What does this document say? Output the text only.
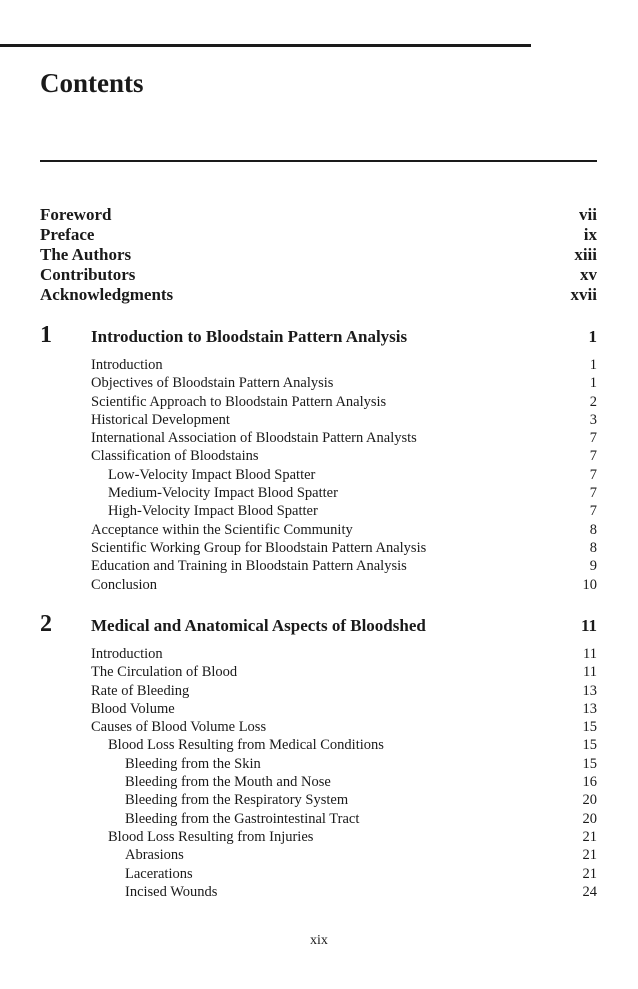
Contents
Foreword	vii
Preface	ix
The Authors	xiii
Contributors	xv
Acknowledgments	xvii
1	Introduction to Bloodstain Pattern Analysis	1
Introduction	1
Objectives of Bloodstain Pattern Analysis	1
Scientific Approach to Bloodstain Pattern Analysis	2
Historical Development	3
International Association of Bloodstain Pattern Analysts	7
Classification of Bloodstains	7
Low-Velocity Impact Blood Spatter	7
Medium-Velocity Impact Blood Spatter	7
High-Velocity Impact Blood Spatter	7
Acceptance within the Scientific Community	8
Scientific Working Group for Bloodstain Pattern Analysis	8
Education and Training in Bloodstain Pattern Analysis	9
Conclusion	10
2	Medical and Anatomical Aspects of Bloodshed	11
Introduction	11
The Circulation of Blood	11
Rate of Bleeding	13
Blood Volume	13
Causes of Blood Volume Loss	15
Blood Loss Resulting from Medical Conditions	15
Bleeding from the Skin	15
Bleeding from the Mouth and Nose	16
Bleeding from the Respiratory System	20
Bleeding from the Gastrointestinal Tract	20
Blood Loss Resulting from Injuries	21
Abrasions	21
Lacerations	21
Incised Wounds	24
xix
